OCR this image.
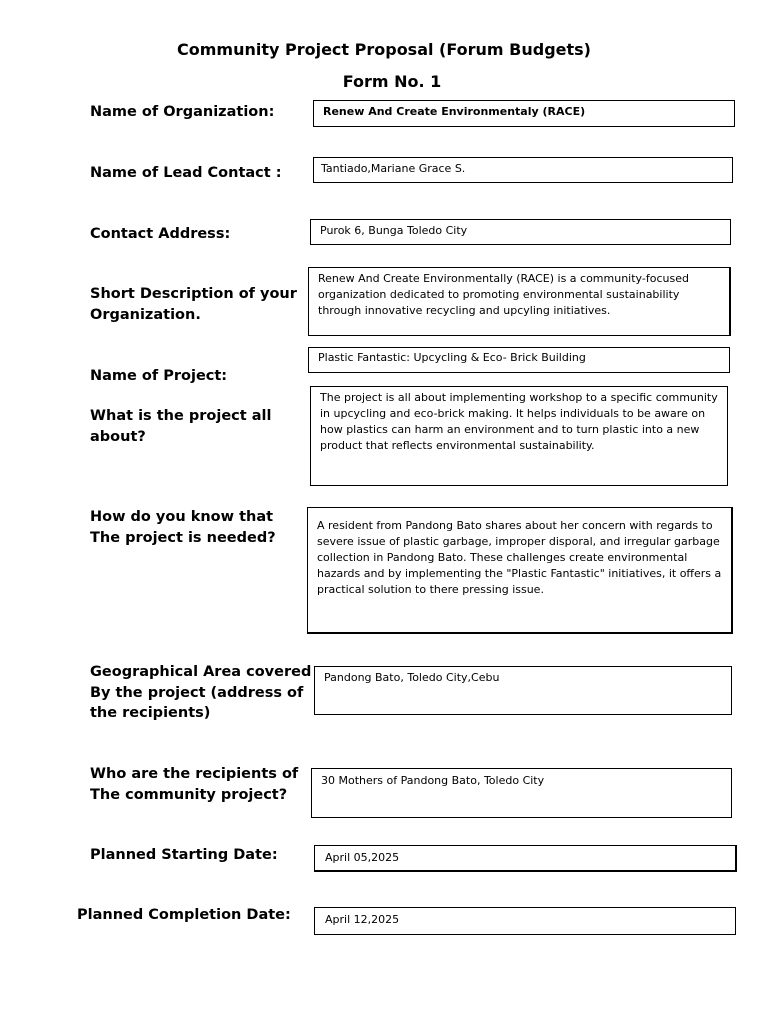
Community Project Proposal (Forum Budgets)
Form No. 1
Name of Organization:	Renew And Create Environmentaly (RACE)
Name of Lead Contact :	Tantiado,Mariane Grace S.
Contact Address:	Purok 6, Bunga Toledo City
Short Description of your
Organization.
Renew And Create Environmentally (RACE) is a community-focused organization dedicated to promoting environmental sustainability through innovative recycling and upcyling initiatives.
Name of Project:
Plastic Fantastic: Upcycling & Eco- Brick Building
What is the project all
about?
The project is all about implementing workshop to a specific community in upcycling and eco-brick making. It helps individuals to be aware on how plastics can harm an environment and to turn plastic into a new product that reflects environmental sustainability.
How do you know that
The project is needed?
A resident from Pandong Bato shares about her concern with regards to severe issue of plastic garbage, improper disporal, and irregular garbage collection in Pandong Bato. These challenges create environmental hazards and by implementing the "Plastic Fantastic" initiatives, it offers a practical solution to there pressing issue.
Geographical Area covered
By the project (address of
the recipients)
Pandong Bato, Toledo City,Cebu
Who are the recipients of
The community project?
30 Mothers of Pandong Bato, Toledo City
Planned Starting Date:	April 05,2025
Planned Completion Date:	April 12,2025
